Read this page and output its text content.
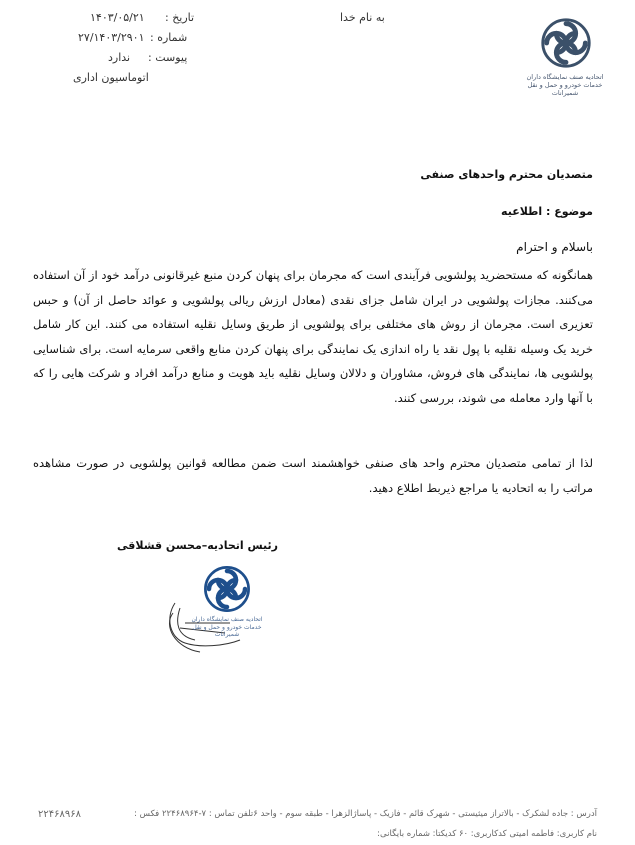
اتحادیه صنف نمایشگاه داران خدمات خودرو و حمل و نقل شمیرانات
به نام خدا
تاریخ :
۱۴۰۳/۰۵/۲۱
شماره :
۲۷/۱۴۰۳/۲۹۰۱
پیوست :
ندارد
اتوماسیون اداری
متصدیان محترم واحدهای صنفی
موضوع : اطلاعیه
باسلام و احترام
همانگونه که مستحضرید پولشویی فرآیندی است که مجرمان برای پنهان کردن منبع غیرقانونی درآمد خود از آن استفاده می‌کنند. مجازات پولشویی در ایران شامل جزای نقدی (معادل ارزش ریالی پولشویی و عوائد حاصل از آن) و حبس تعزیری است. مجرمان از روش های مختلفی برای پولشویی از طریق وسایل نقلیه استفاده می کنند. این کار شامل خرید یک وسیله نقلیه با پول نقد یا راه اندازی یک نمایندگی برای پنهان کردن منابع واقعی سرمایه است. برای شناسایی پولشویی ها، نمایندگی های فروش، مشاوران و دلالان وسایل نقلیه باید هویت و منابع درآمد افراد و شرکت هایی را که با آنها وارد معامله می شوند، بررسی کنند.
لذا از تمامی متصدیان محترم واحد های صنفی خواهشمند است ضمن مطالعه قوانین پولشویی در صورت مشاهده مراتب را به اتحادیه یا مراجع ذیربط اطلاع دهید.
رئیس اتحادیه–محسن قشلاقی
اتحادیه صنف نمایشگاه داران خدمات خودرو و حمل و نقل شمیرانات
آدرس : جاده لشکرک - بالاتراز میثیستی - شهرک قائم - فازیک - پاساژالزهرا - طبقه سوم - واحد ۶تلفن تماس : ۷-۲۲۴۶۸۹۶۴ فکس :
۲۲۴۶۸۹۶۸
نام کاربری: فاطمه امیتی کدکاربری: ۶۰ کدیکتا: شماره بایگانی:
